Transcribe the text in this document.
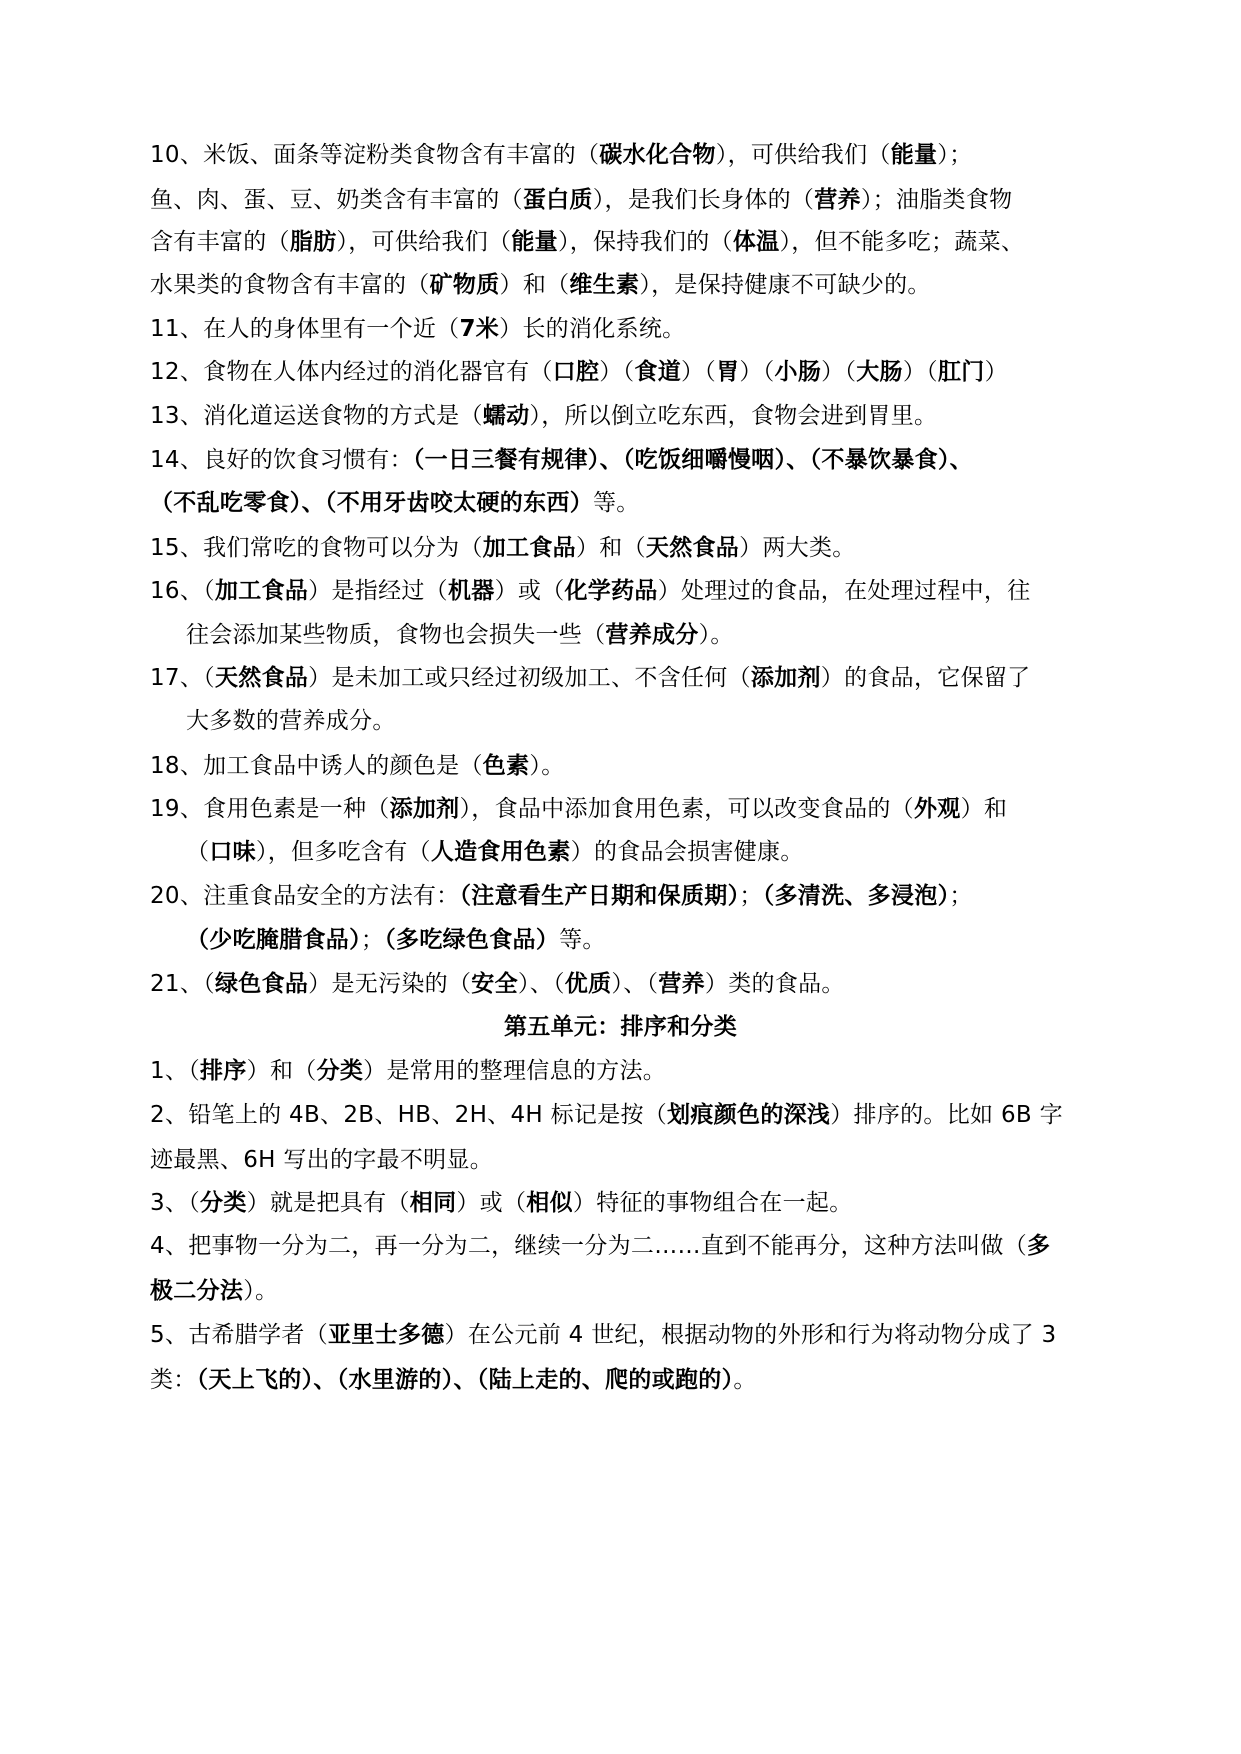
10、米饭、面条等淀粉类食物含有丰富的（碳水化合物），可供给我们（能量）；
鱼、肉、蛋、豆、奶类含有丰富的（蛋白质），是我们长身体的（营养）；油脂类食物
含有丰富的（脂肪），可供给我们（能量），保持我们的（体温），但不能多吃；蔬菜、
水果类的食物含有丰富的（矿物质）和（维生素），是保持健康不可缺少的。
11、在人的身体里有一个近（7米）长的消化系统。
12、食物在人体内经过的消化器官有（口腔）（食道）（胃）（小肠）（大肠）（肛门）
13、消化道运送食物的方式是（蠕动），所以倒立吃东西，食物会进到胃里。
14、良好的饮食习惯有：（一日三餐有规律）、（吃饭细嚼慢咽）、（不暴饮暴食）、
（不乱吃零食）、（不用牙齿咬太硬的东西）等。
15、我们常吃的食物可以分为（加工食品）和（天然食品）两大类。
16、（加工食品）是指经过（机器）或（化学药品）处理过的食品，在处理过程中，往
往会添加某些物质，食物也会损失一些（营养成分）。
17、（天然食品）是未加工或只经过初级加工、不含任何（添加剂）的食品，它保留了
大多数的营养成分。
18、加工食品中诱人的颜色是（色素）。
19、食用色素是一种（添加剂），食品中添加食用色素，可以改变食品的（外观）和
（口味），但多吃含有（人造食用色素）的食品会损害健康。
20、注重食品安全的方法有：（注意看生产日期和保质期）；（多清洗、多浸泡）；
（少吃腌腊食品）；（多吃绿色食品）等。
21、（绿色食品）是无污染的（安全）、（优质）、（营养）类的食品。
第五单元：排序和分类
1、（排序）和（分类）是常用的整理信息的方法。
2、铅笔上的 4B、2B、HB、2H、4H 标记是按（划痕颜色的深浅）排序的。比如 6B 字
迹最黑、6H 写出的字最不明显。
3、（分类）就是把具有（相同）或（相似）特征的事物组合在一起。
4、把事物一分为二，再一分为二，继续一分为二……直到不能再分，这种方法叫做（多
极二分法）。
5、古希腊学者（亚里士多德）在公元前 4 世纪，根据动物的外形和行为将动物分成了 3
类：（天上飞的）、（水里游的）、（陆上走的、爬的或跑的）。
